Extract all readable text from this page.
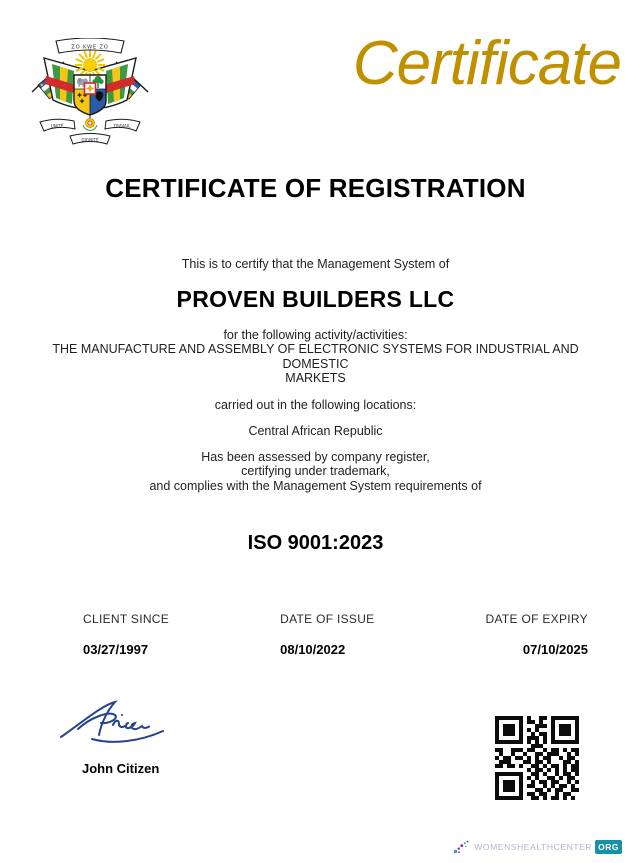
ZO KWE ZO
UNITÉ	TRAVAIL
DIGNITÉ
Certificate
CERTIFICATE OF REGISTRATION
This is to certify that the Management System of
PROVEN BUILDERS LLC
for the following activity/activities:
THE MANUFACTURE AND ASSEMBLY OF ELECTRONIC SYSTEMS FOR INDUSTRIAL AND
DOMESTIC
MARKETS
carried out in the following locations:
Central African Republic
Has been assessed by company register,
certifying under trademark,
and complies with the Management System requirements of
ISO 9001:2023
CLIENT SINCE
03/27/1997
DATE OF ISSUE
08/10/2022
DATE OF EXPIRY
07/10/2025
John Citizen
WOMENSHEALTHCENTER ORG
